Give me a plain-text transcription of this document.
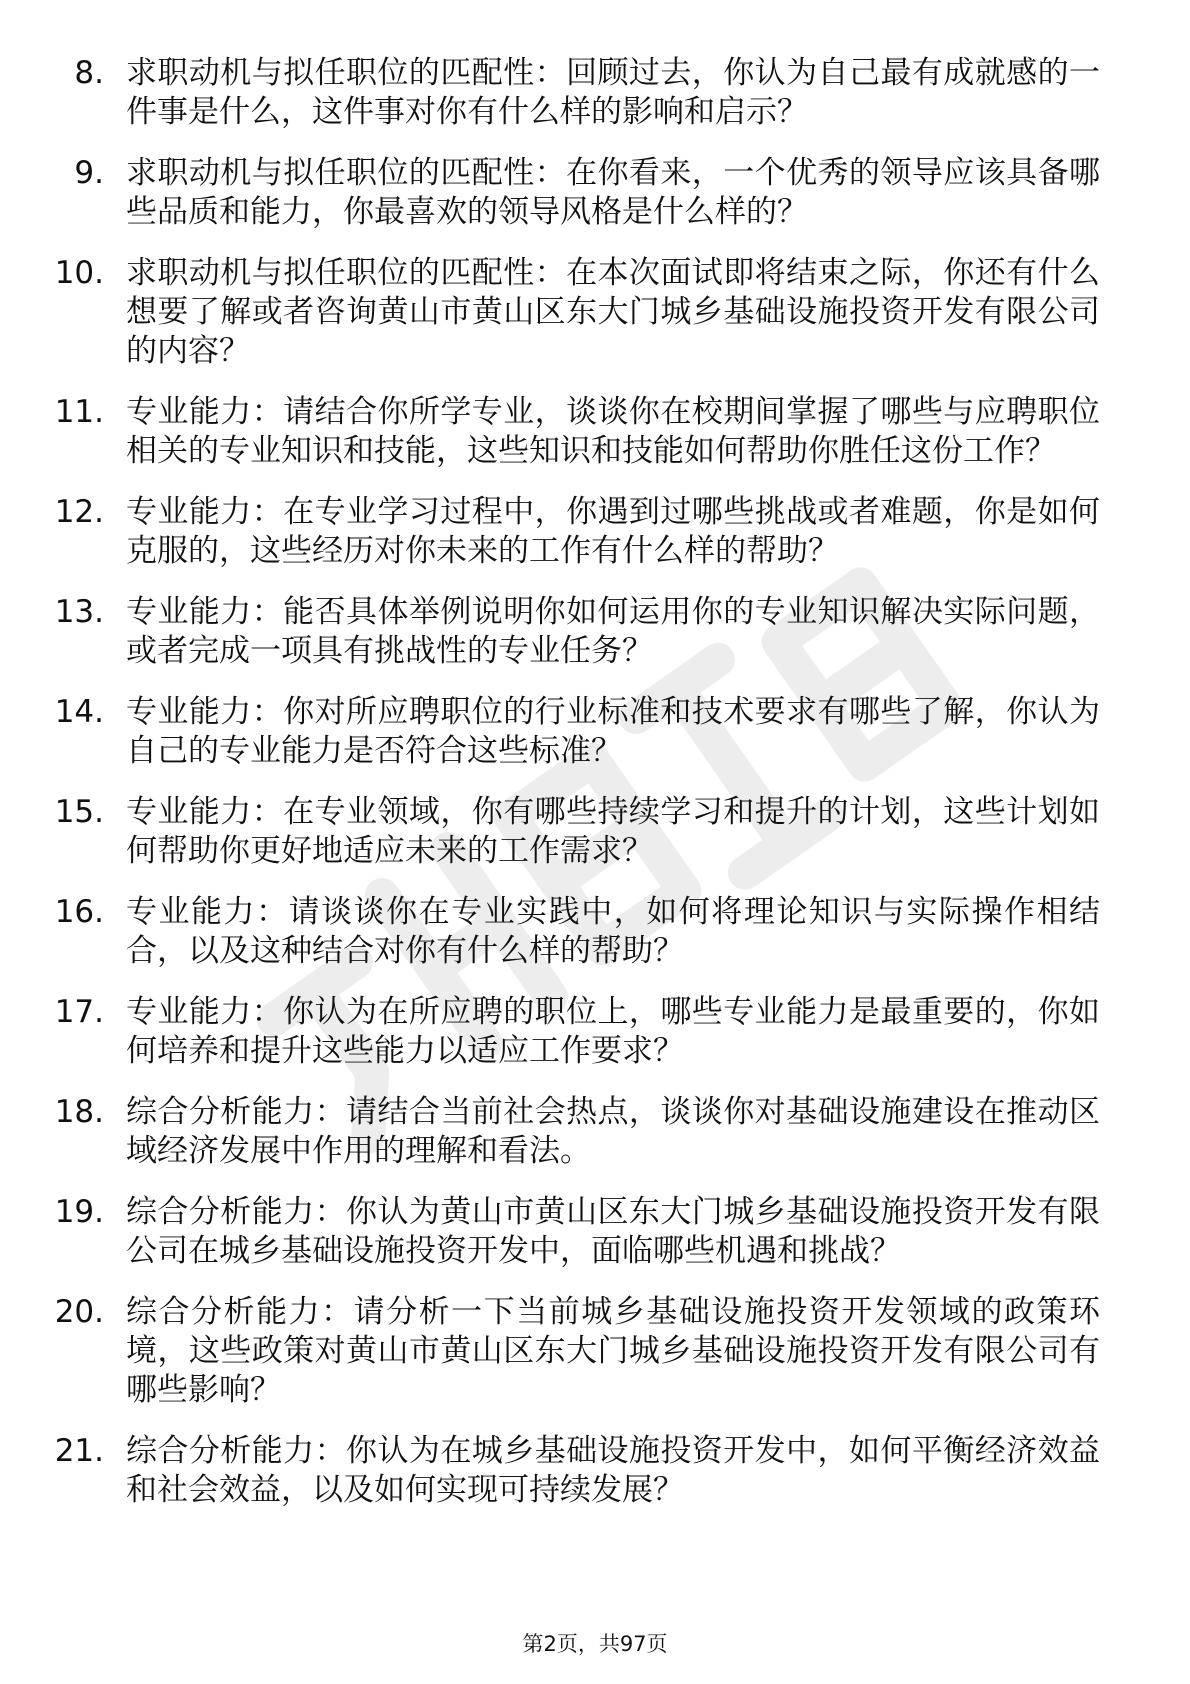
8. 求职动机与拟任职位的匹配性：回顾过去，你认为自己最有成就感的一件事是什么，这件事对你有什么样的影响和启示？
9. 求职动机与拟任职位的匹配性：在你看来，一个优秀的领导应该具备哪些品质和能力，你最喜欢的领导风格是什么样的？
10. 求职动机与拟任职位的匹配性：在本次面试即将结束之际，你还有什么想要了解或者咨询黄山市黄山区东大门城乡基础设施投资开发有限公司的内容？
11. 专业能力：请结合你所学专业，谈谈你在校期间掌握了哪些与应聘职位相关的专业知识和技能，这些知识和技能如何帮助你胜任这份工作？
12. 专业能力：在专业学习过程中，你遇到过哪些挑战或者难题，你是如何克服的，这些经历对你未来的工作有什么样的帮助？
13. 专业能力：能否具体举例说明你如何运用你的专业知识解决实际问题，或者完成一项具有挑战性的专业任务？
14. 专业能力：你对所应聘职位的行业标准和技术要求有哪些了解，你认为自己的专业能力是否符合这些标准？
15. 专业能力：在专业领域，你有哪些持续学习和提升的计划，这些计划如何帮助你更好地适应未来的工作需求？
16. 专业能力：请谈谈你在专业实践中，如何将理论知识与实际操作相结合，以及这种结合对你有什么样的帮助？
17. 专业能力：你认为在所应聘的职位上，哪些专业能力是最重要的，你如何培养和提升这些能力以适应工作要求？
18. 综合分析能力：请结合当前社会热点，谈谈你对基础设施建设在推动区域经济发展中作用的理解和看法。
19. 综合分析能力：你认为黄山市黄山区东大门城乡基础设施投资开发有限公司在城乡基础设施投资开发中，面临哪些机遇和挑战？
20. 综合分析能力：请分析一下当前城乡基础设施投资开发领域的政策环境，这些政策对黄山市黄山区东大门城乡基础设施投资开发有限公司有哪些影响？
21. 综合分析能力：你认为在城乡基础设施投资开发中，如何平衡经济效益和社会效益，以及如何实现可持续发展？
第2页，共97页
